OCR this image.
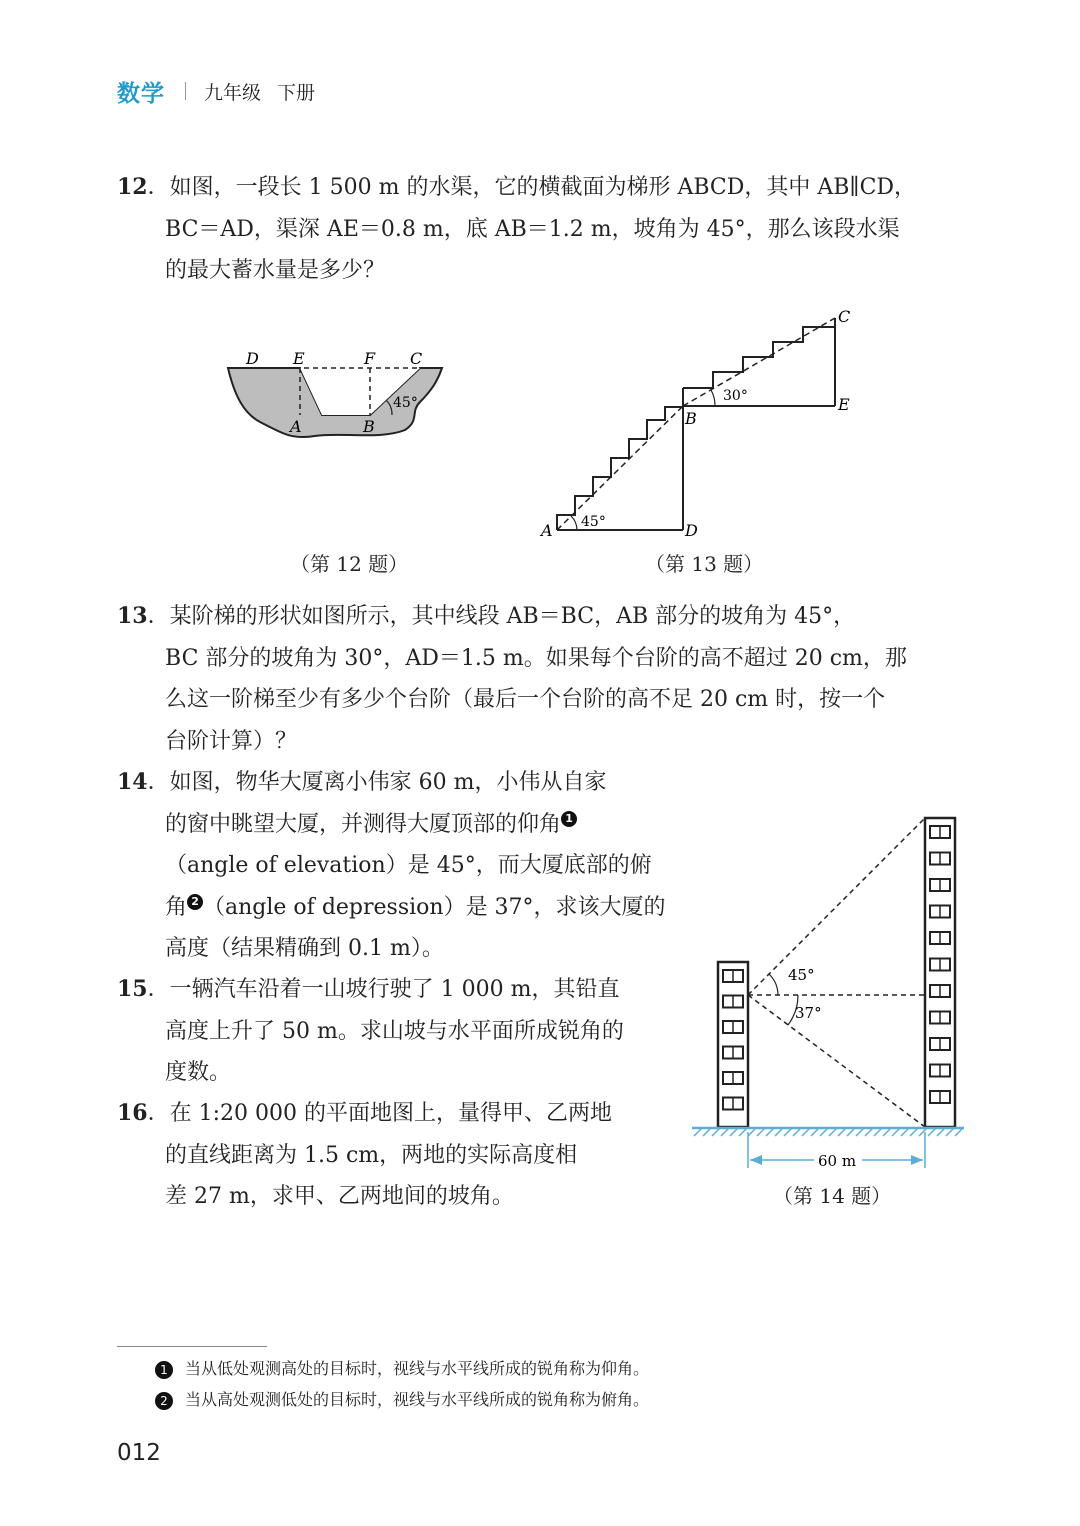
数学 九年级 下册
12．如图，一段长 1 500 m 的水渠，它的横截面为梯形 ABCD，其中 AB∥CD，
BC＝AD，渠深 AE＝0.8 m，底 AB＝1.2 m，坡角为 45°，那么该段水渠
的最大蓄水量是多少？
D E	F C
A	B
45°
（第 12 题）
A	D
B
E
C
45°
30°
（第 13 题）
13．某阶梯的形状如图所示，其中线段 AB＝BC，AB 部分的坡角为 45°，
BC 部分的坡角为 30°，AD＝1.5 m。如果每个台阶的高不超过 20 cm，那
么这一阶梯至少有多少个台阶（最后一个台阶的高不足 20 cm 时，按一个
台阶计算）？
14．如图，物华大厦离小伟家 60 m，小伟从自家
的窗中眺望大厦，并测得大厦顶部的仰角 1
（angle of elevation）是 45°，而大厦底部的俯
角 2 （angle of depression）是 37°，求该大厦的
高度（结果精确到 0.1 m）。
15．一辆汽车沿着一山坡行驶了 1 000 m，其铅直
高度上升了 50 m。求山坡与水平面所成锐角的
度数。
16．在 1:20 000 的平面地图上，量得甲、乙两地
的直线距离为 1.5 cm，两地的实际高度相
差 27 m，求甲、乙两地间的坡角。
45°
37°
60 m
（第 14 题）
1 当从低处观测高处的目标时，视线与水平线所成的锐角称为仰角。
2 当从高处观测低处的目标时，视线与水平线所成的锐角称为俯角。
012
